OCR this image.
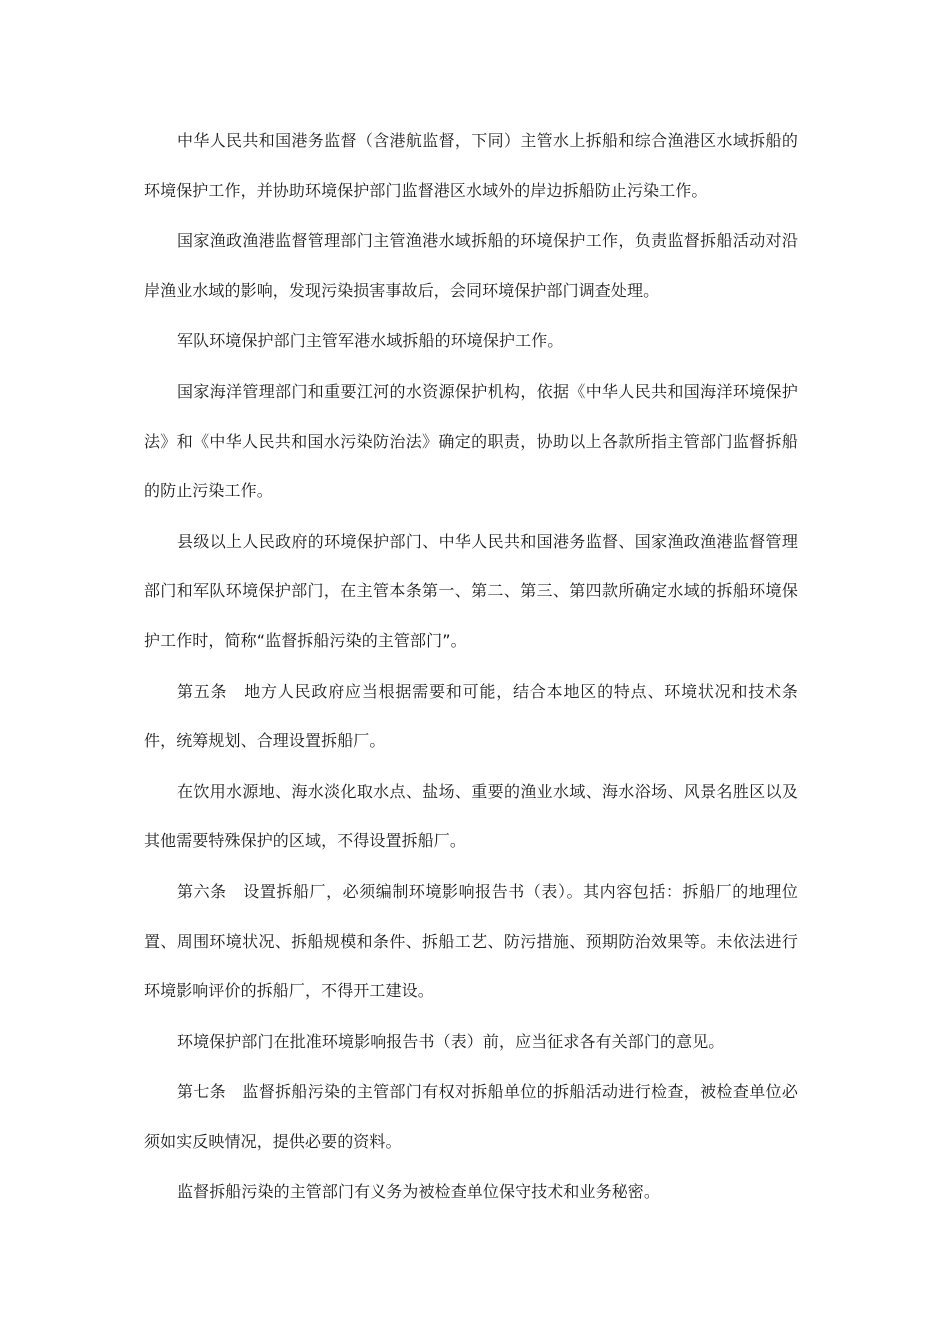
中华人民共和国港务监督（含港航监督，下同）主管水上拆船和综合渔港区水域拆船的环境保护工作，并协助环境保护部门监督港区水域外的岸边拆船防止污染工作。

国家渔政渔港监督管理部门主管渔港水域拆船的环境保护工作，负责监督拆船活动对沿岸渔业水域的影响，发现污染损害事故后，会同环境保护部门调查处理。

军队环境保护部门主管军港水域拆船的环境保护工作。

国家海洋管理部门和重要江河的水资源保护机构，依据《中华人民共和国海洋环境保护法》和《中华人民共和国水污染防治法》确定的职责，协助以上各款所指主管部门监督拆船的防止污染工作。

县级以上人民政府的环境保护部门、中华人民共和国港务监督、国家渔政渔港监督管理部门和军队环境保护部门，在主管本条第一、第二、第三、第四款所确定水域的拆船环境保护工作时，简称“监督拆船污染的主管部门”。

第五条　地方人民政府应当根据需要和可能，结合本地区的特点、环境状况和技术条件，统筹规划、合理设置拆船厂。

在饮用水源地、海水淡化取水点、盐场、重要的渔业水域、海水浴场、风景名胜区以及其他需要特殊保护的区域，不得设置拆船厂。

第六条　设置拆船厂，必须编制环境影响报告书（表）。其内容包括：拆船厂的地理位置、周围环境状况、拆船规模和条件、拆船工艺、防污措施、预期防治效果等。未依法进行环境影响评价的拆船厂，不得开工建设。

环境保护部门在批准环境影响报告书（表）前，应当征求各有关部门的意见。

第七条　监督拆船污染的主管部门有权对拆船单位的拆船活动进行检查，被检查单位必须如实反映情况，提供必要的资料。

监督拆船污染的主管部门有义务为被检查单位保守技术和业务秘密。
